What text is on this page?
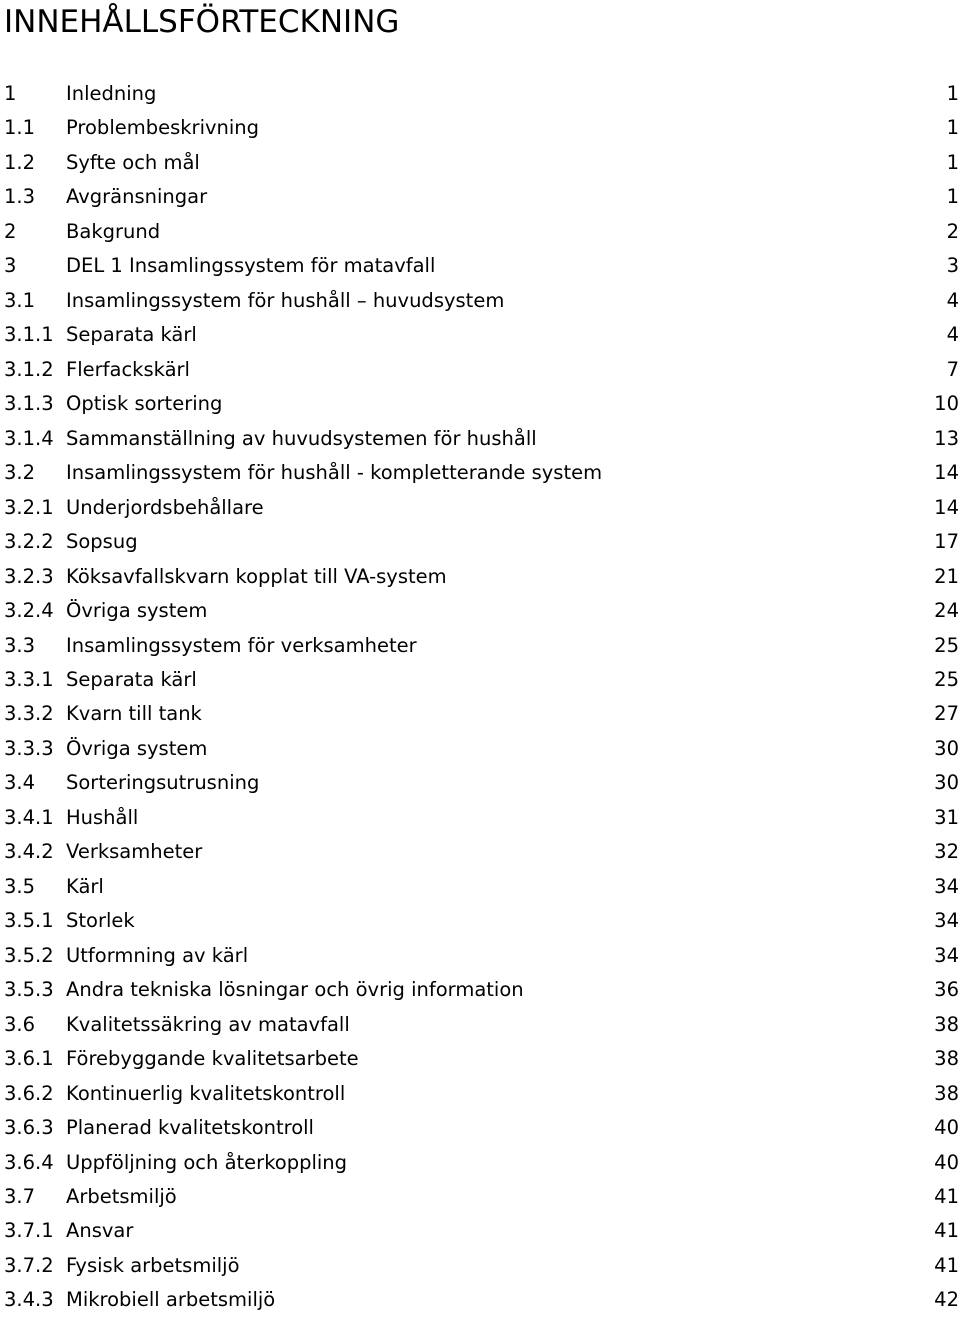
INNEHÅLLSFÖRTECKNING
1	Inledning	1
1.1 Problembeskrivning	1
1.2 Syfte och mål	1
1.3 Avgränsningar	1
2	Bakgrund	2
3	DEL 1 Insamlingssystem för matavfall	3
3.1 Insamlingssystem för hushåll – huvudsystem	4
3.1.1 Separata kärl	4
3.1.2 Flerfackskärl	7
3.1.3 Optisk sortering	10
3.1.4 Sammanställning av huvudsystemen för hushåll	13
3.2 Insamlingssystem för hushåll - kompletterande system	14
3.2.1 Underjordsbehållare	14
3.2.2 Sopsug	17
3.2.3 Köksavfallskvarn kopplat till VA-system	21
3.2.4 Övriga system	24
3.3 Insamlingssystem för verksamheter	25
3.3.1 Separata kärl	25
3.3.2 Kvarn till tank	27
3.3.3 Övriga system	30
3.4 Sorteringsutrusning	30
3.4.1 Hushåll	31
3.4.2 Verksamheter	32
3.5 Kärl	34
3.5.1 Storlek	34
3.5.2 Utformning av kärl	34
3.5.3 Andra tekniska lösningar och övrig information	36
3.6 Kvalitetssäkring av matavfall	38
3.6.1 Förebyggande kvalitetsarbete	38
3.6.2 Kontinuerlig kvalitetskontroll	38
3.6.3 Planerad kvalitetskontroll	40
3.6.4 Uppföljning och återkoppling	40
3.7 Arbetsmiljö	41
3.7.1 Ansvar	41
3.7.2 Fysisk arbetsmiljö	41
3.4.3 Mikrobiell arbetsmiljö	42
